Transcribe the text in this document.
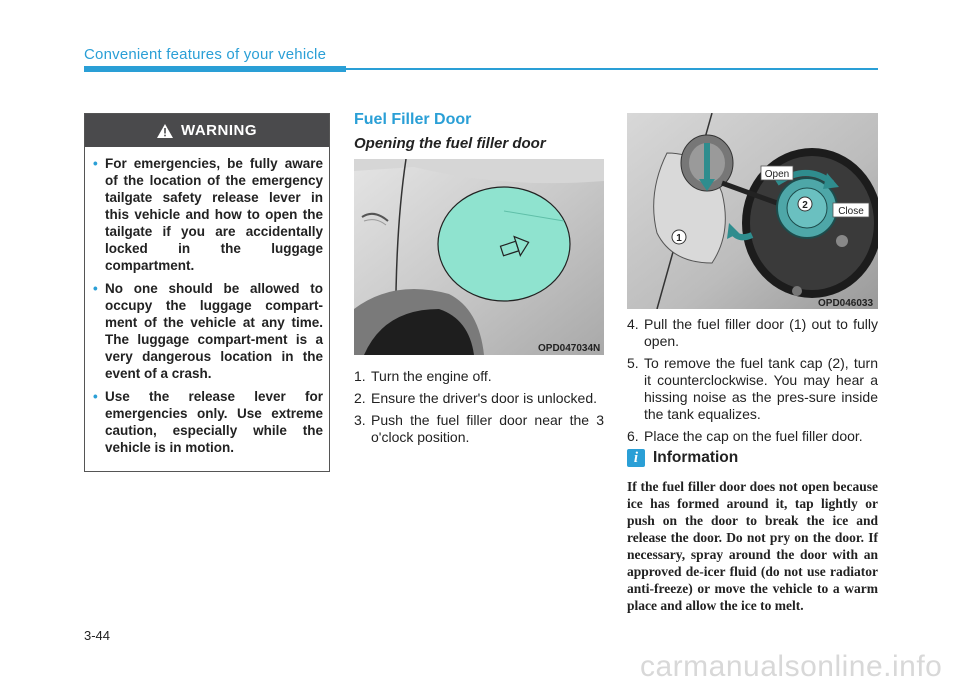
Convenient features of your vehicle
WARNING
• For emergencies, be fully aware of the location of the emergency tailgate safety release lever in this vehicle and how to open the tailgate if you are accidentally locked in the luggage compartment.
• No one should be allowed to occupy the luggage compart-ment of the vehicle at any time. The luggage compart-ment is a very dangerous location in the event of a crash.
• Use the release lever for emergencies only. Use extreme caution, especially while the vehicle is in motion.
Fuel Filler Door
Opening the fuel filler door
OPD047034N
1. Turn the engine off.
2. Ensure the driver's door is unlocked.
3. Push the fuel filler door near the 3 o'clock position.
Open
Close
2
1
OPD046033
4. Pull the fuel filler door (1) out to fully open.
5. To remove the fuel tank cap (2), turn it counterclockwise. You may hear a hissing noise as the pres-sure inside the tank equalizes.
6. Place the cap on the fuel filler door.
i Information
If the fuel filler door does not open because ice has formed around it, tap lightly or push on the door to break the ice and release the door. Do not pry on the door. If necessary, spray around the door with an approved de-icer fluid (do not use radiator anti-freeze) or move the vehicle to a warm place and allow the ice to melt.
3-44
carmanualsonline.info
